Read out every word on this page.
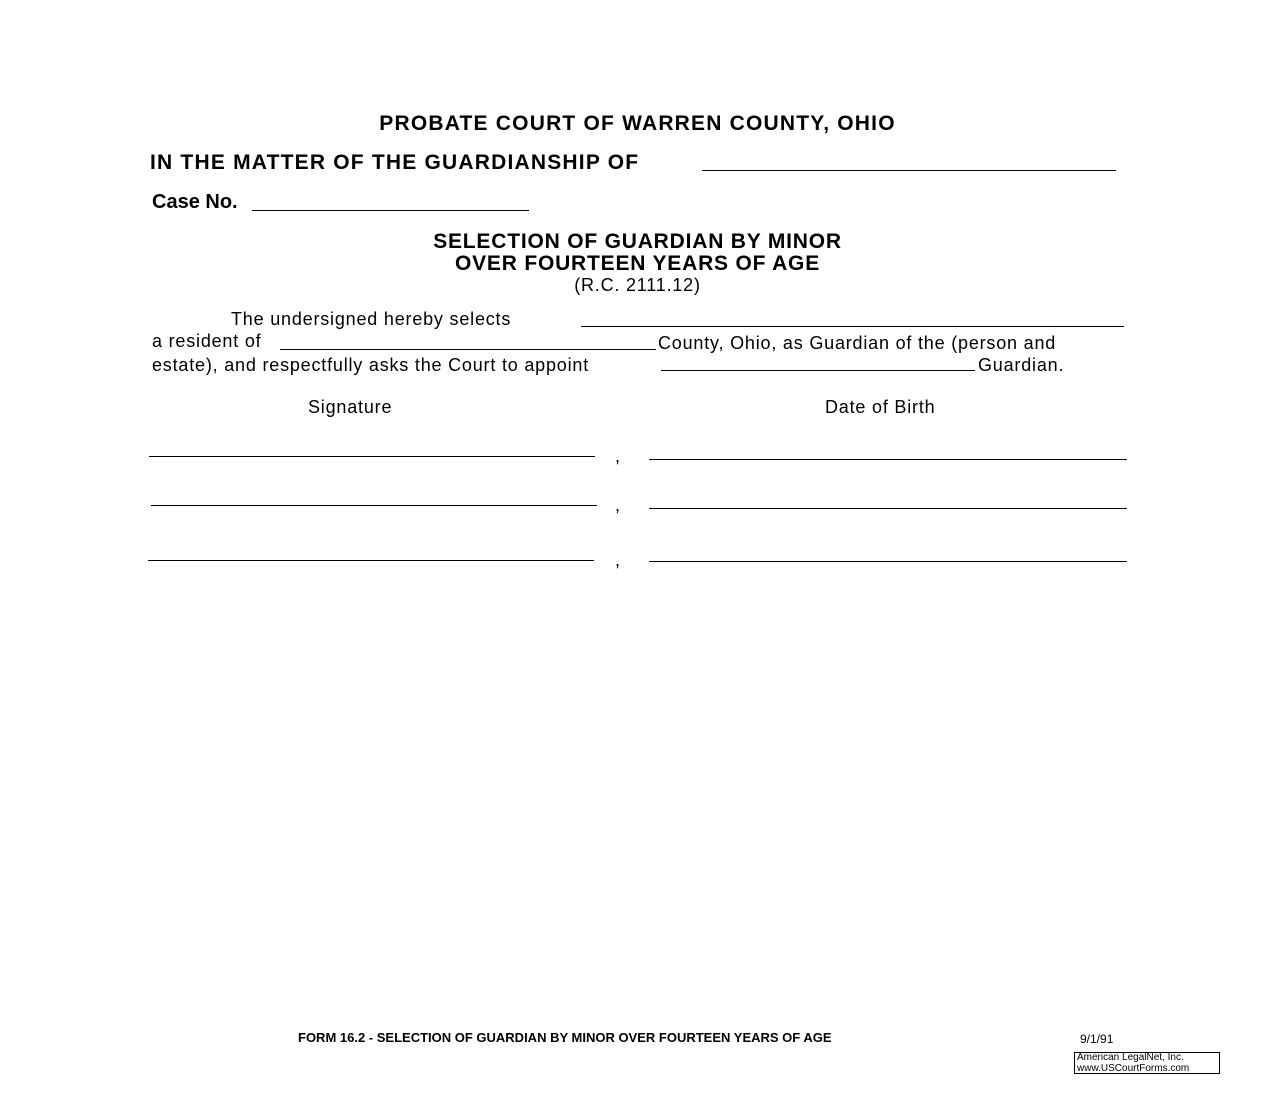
PROBATE COURT OF WARREN COUNTY, OHIO
IN THE MATTER OF THE GUARDIANSHIP OF
Case No.
SELECTION OF GUARDIAN BY MINOR
OVER FOURTEEN YEARS OF AGE
(R.C. 2111.12)
The undersigned hereby selects
a resident of	County, Ohio, as Guardian of the (person and
estate), and respectfully asks the Court to appoint	Guardian.
Signature	Date of Birth
,
,
,
FORM 16.2 - SELECTION OF GUARDIAN BY MINOR OVER FOURTEEN YEARS OF AGE	9/1/91
American LegalNet, Inc.
www.USCourtForms.com
